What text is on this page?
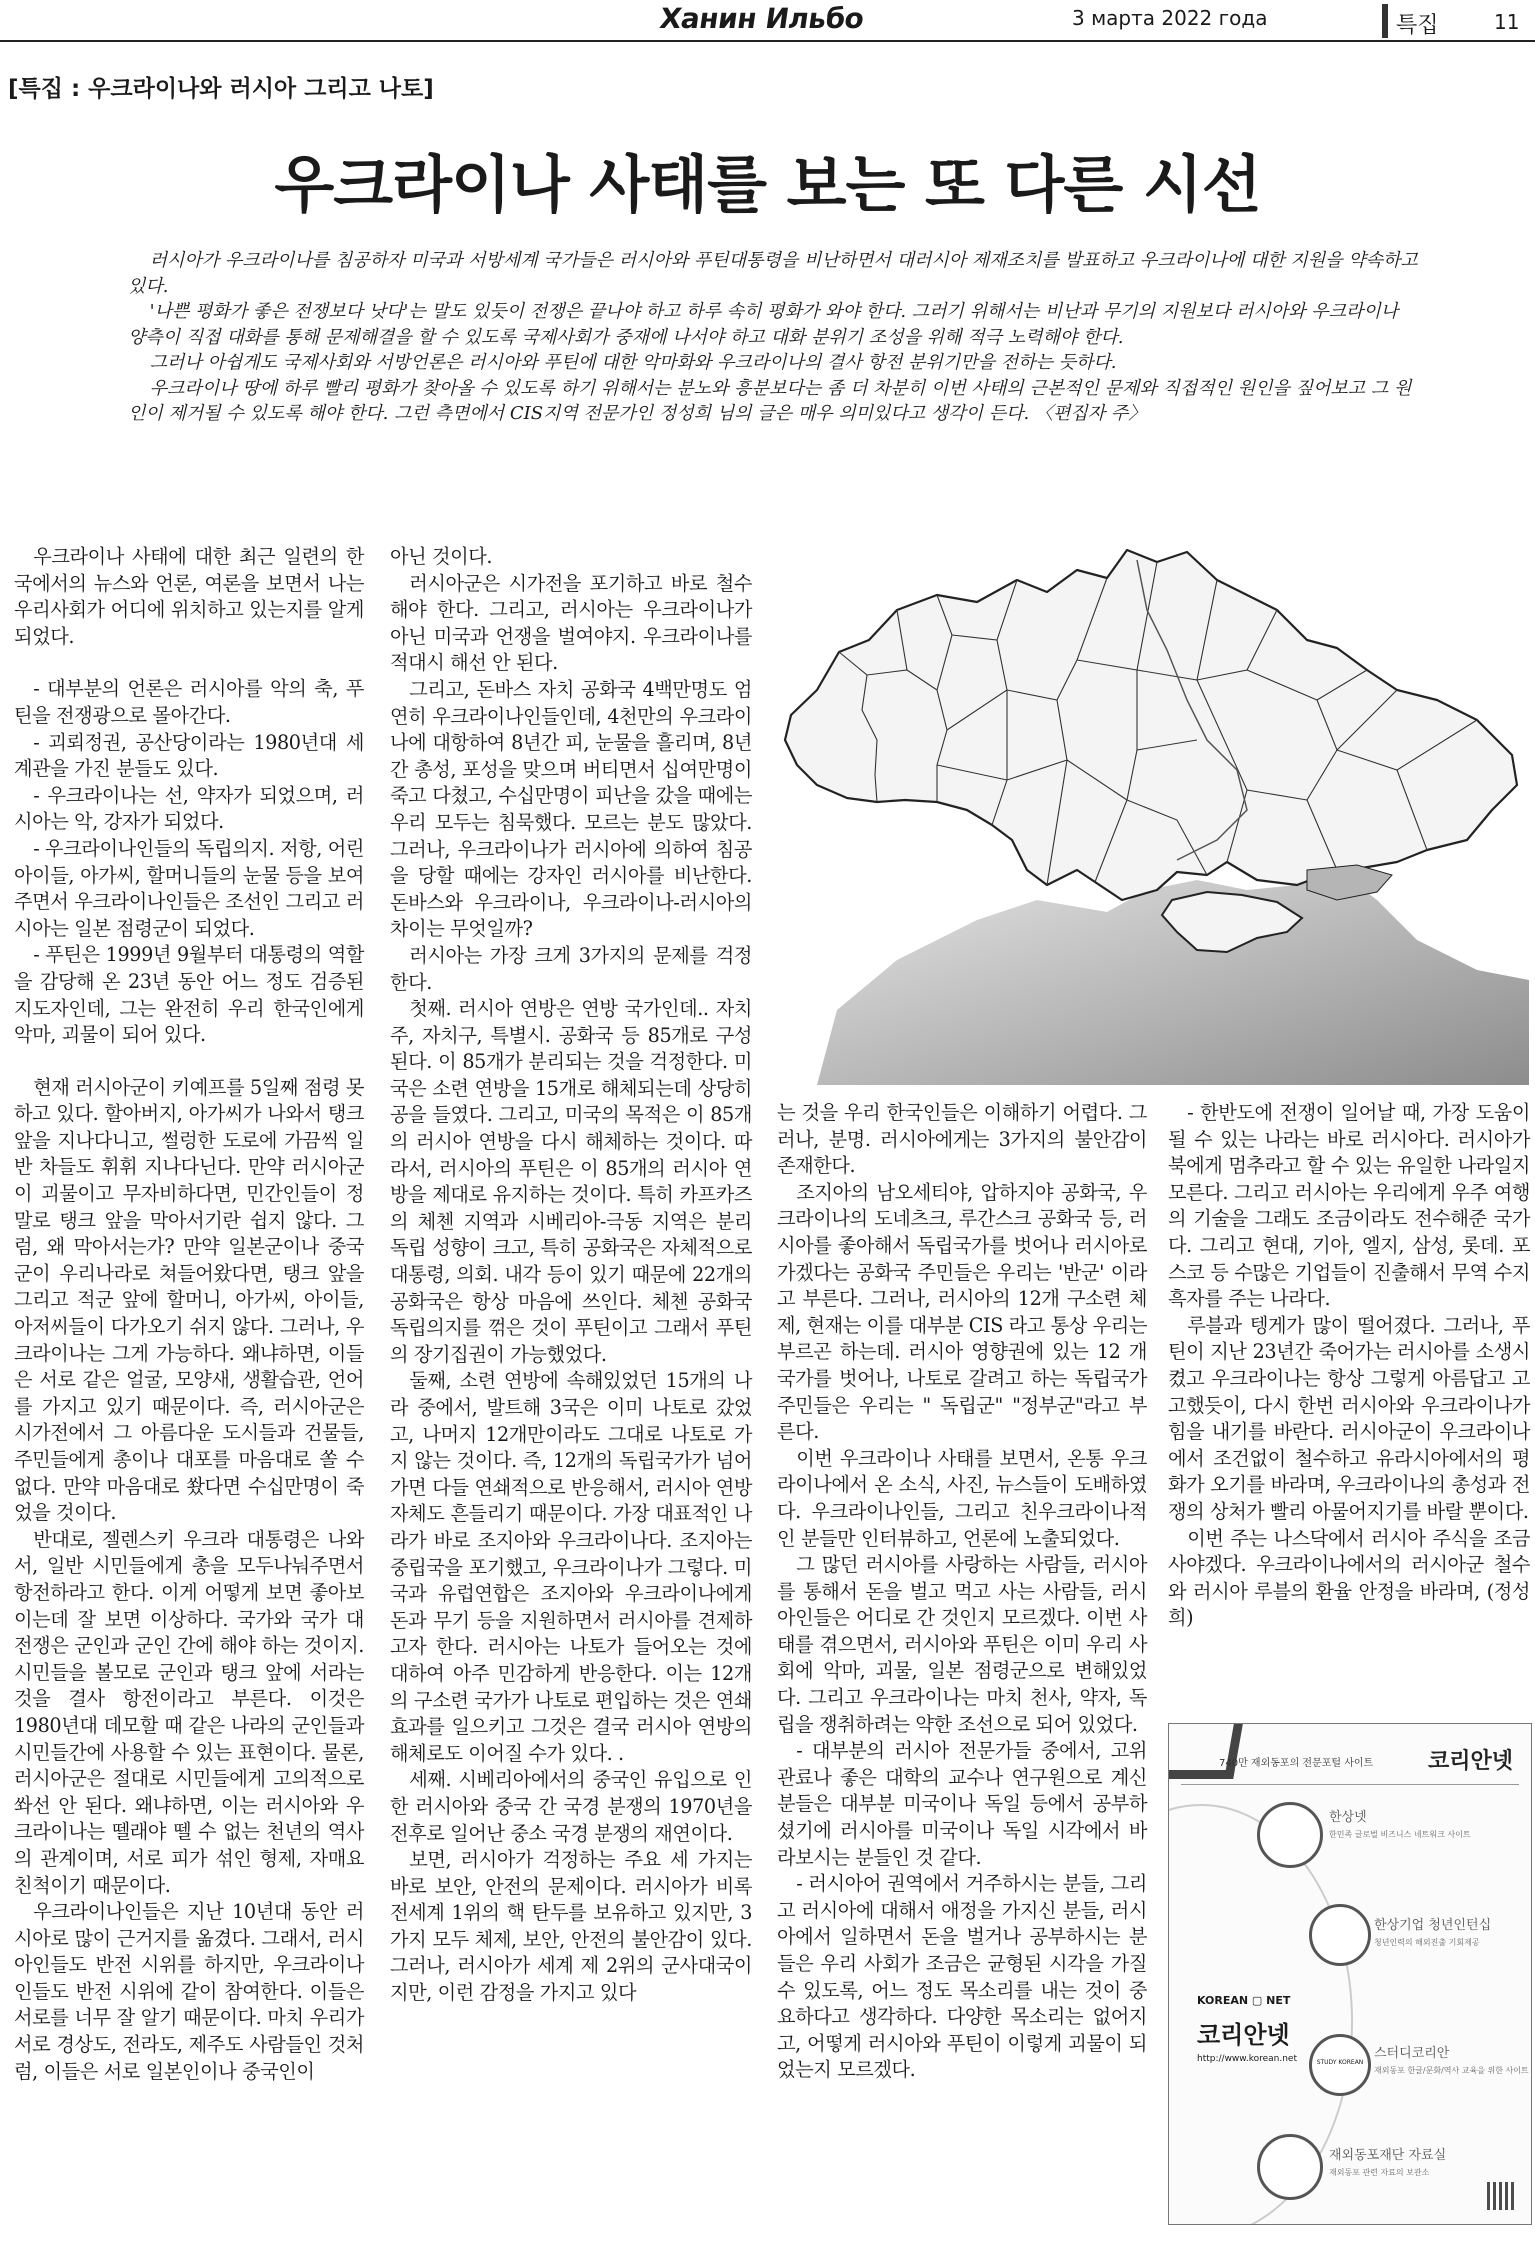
Ханин Ильбо	3 марта 2022 года	특집	11
[특집 : 우크라이나와 러시아 그리고 나토]
우크라이나 사태를 보는 또 다른 시선

러시아가 우크라이나를 침공하자 미국과 서방세계 국가들은 러시아와 푸틴대통령을 비난하면서 대러시아 제재조치를 발표하고 우크라이나에 대한 지원을 약속하고 있다.

'나쁜 평화가 좋은 전쟁보다 낫다'는 말도 있듯이 전쟁은 끝나야 하고 하루 속히 평화가 와야 한다. 그러기 위해서는 비난과 무기의 지원보다 러시아와 우크라이나 양측이 직접 대화를 통해 문제해결을 할 수 있도록 국제사회가 중재에 나서야 하고 대화 분위기 조성을 위해 적극 노력해야 한다.

그러나 아쉽게도 국제사회와 서방언론은 러시아와 푸틴에 대한 악마화와 우크라이나의 결사 항전 분위기만을 전하는 듯하다.

우크라이나 땅에 하루 빨리 평화가 찾아올 수 있도록 하기 위해서는 분노와 흥분보다는 좀 더 차분히 이번 사태의 근본적인 문제와 직접적인 원인을 짚어보고 그 원인이 제거될 수 있도록 해야 한다. 그런 측면에서 CIS지역 전문가인 정성희 님의 글은 매우 의미있다고 생각이 든다. 〈편집자 주〉

우크라이나 사태에 대한 최근 일련의 한국에서의 뉴스와 언론, 여론을 보면서 나는 우리사회가 어디에 위치하고 있는지를 알게 되었다.

- 대부분의 언론은 러시아를 악의 축, 푸틴을 전쟁광으로 몰아간다.

- 괴뢰정권, 공산당이라는 1980년대 세계관을 가진 분들도 있다.

- 우크라이나는 선, 약자가 되었으며, 러시아는 악, 강자가 되었다.

- 우크라이나인들의 독립의지. 저항, 어린아이들, 아가씨, 할머니들의 눈물 등을 보여주면서 우크라이나인들은 조선인 그리고 러시아는 일본 점령군이 되었다.

- 푸틴은 1999년 9월부터 대통령의 역할을 감당해 온 23년 동안 어느 정도 검증된 지도자인데, 그는 완전히 우리 한국인에게 악마, 괴물이 되어 있다.

현재 러시아군이 키예프를 5일째 점령 못하고 있다. 할아버지, 아가씨가 나와서 탱크 앞을 지나다니고, 썰렁한 도로에 가끔씩 일반 차들도 휘휘 지나다닌다. 만약 러시아군이 괴물이고 무자비하다면, 민간인들이 정말로 탱크 앞을 막아서기란 쉽지 않다. 그럼, 왜 막아서는가? 만약 일본군이나 중국군이 우리나라로 쳐들어왔다면, 탱크 앞을 그리고 적군 앞에 할머니, 아가씨, 아이들, 아저씨들이 다가오기 쉬지 않다. 그러나, 우크라이나는 그게 가능하다. 왜냐하면, 이들은 서로 같은 얼굴, 모양새, 생활습관, 언어를 가지고 있기 때문이다. 즉, 러시아군은 시가전에서 그 아름다운 도시들과 건물들, 주민들에게 총이나 대포를 마음대로 쏠 수 없다. 만약 마음대로 쐈다면 수십만명이 죽었을 것이다.

반대로, 젤렌스키 우크라 대통령은 나와서, 일반 시민들에게 총을 모두나눠주면서 항전하라고 한다. 이게 어떻게 보면 좋아보이는데 잘 보면 이상하다. 국가와 국가 대 전쟁은 군인과 군인 간에 해야 하는 것이지. 시민들을 볼모로 군인과 탱크 앞에 서라는 것을 결사 항전이라고 부른다. 이것은 1980년대 데모할 때 같은 나라의 군인들과 시민들간에 사용할 수 있는 표현이다. 물론, 러시아군은 절대로 시민들에게 고의적으로 쏴선 안 된다. 왜냐하면, 이는 러시아와 우크라이나는 뗄래야 뗄 수 없는 천년의 역사의 관계이며, 서로 피가 섞인 형제, 자매요 친척이기 때문이다.

우크라이나인들은 지난 10년대 동안 러시아로 많이 근거지를 옮겼다. 그래서, 러시아인들도 반전 시위를 하지만, 우크라이나인들도 반전 시위에 같이 참여한다. 이들은 서로를 너무 잘 알기 때문이다. 마치 우리가 서로 경상도, 전라도, 제주도 사람들인 것처럼, 이들은 서로 일본인이나 중국인이

아닌 것이다.

러시아군은 시가전을 포기하고 바로 철수해야 한다. 그리고, 러시아는 우크라이나가 아닌 미국과 언쟁을 벌여야지. 우크라이나를 적대시 해선 안 된다.

그리고, 돈바스 자치 공화국 4백만명도 엄연히 우크라이나인들인데, 4천만의 우크라이나에 대항하여 8년간 피, 눈물을 흘리며, 8년간 총성, 포성을 맞으며 버티면서 십여만명이 죽고 다쳤고, 수십만명이 피난을 갔을 때에는 우리 모두는 침묵했다. 모르는 분도 많았다. 그러나, 우크라이나가 러시아에 의하여 침공을 당할 때에는 강자인 러시아를 비난한다. 돈바스와 우크라이나, 우크라이나-러시아의 차이는 무엇일까?

러시아는 가장 크게 3가지의 문제를 걱정한다.

첫째. 러시아 연방은 연방 국가인데.. 자치주, 자치구, 특별시. 공화국 등 85개로 구성된다. 이 85개가 분리되는 것을 걱정한다. 미국은 소련 연방을 15개로 해체되는데 상당히 공을 들였다. 그리고, 미국의 목적은 이 85개의 러시아 연방을 다시 해체하는 것이다. 따라서, 러시아의 푸틴은 이 85개의 러시아 연방을 제대로 유지하는 것이다. 특히 카프카즈의 체첸 지역과 시베리아-극동 지역은 분리 독립 성향이 크고, 특히 공화국은 자체적으로 대통령, 의회. 내각 등이 있기 때문에 22개의 공화국은 항상 마음에 쓰인다. 체첸 공화국 독립의지를 꺾은 것이 푸틴이고 그래서 푸틴의 장기집권이 가능했었다.

둘째, 소련 연방에 속해있었던 15개의 나라 중에서, 발트해 3국은 이미 나토로 갔었고, 나머지 12개만이라도 그대로 나토로 가지 않는 것이다. 즉, 12개의 독립국가가 넘어가면 다들 연쇄적으로 반응해서, 러시아 연방 자체도 흔들리기 때문이다. 가장 대표적인 나라가 바로 조지아와 우크라이나다. 조지아는 중립국을 포기했고, 우크라이나가 그렇다. 미국과 유럽연합은 조지아와 우크라이나에게 돈과 무기 등을 지원하면서 러시아를 견제하고자 한다. 러시아는 나토가 들어오는 것에 대하여 아주 민감하게 반응한다. 이는 12개의 구소련 국가가 나토로 편입하는 것은 연쇄 효과를 일으키고 그것은 결국 러시아 연방의 해체로도 이어질 수가 있다. .

세째. 시베리아에서의 중국인 유입으로 인한 러시아와 중국 간 국경 분쟁의 1970년을 전후로 일어난 중소 국경 분쟁의 재연이다.

보면, 러시아가 걱정하는 주요 세 가지는 바로 보안, 안전의 문제이다. 러시아가 비록 전세계 1위의 핵 탄두를 보유하고 있지만, 3가지 모두 체제, 보안, 안전의 불안감이 있다. 그러나, 러시아가 세계 제 2위의 군사대국이지만, 이런 감정을 가지고 있다

는 것을 우리 한국인들은 이해하기 어렵다. 그러나, 분명. 러시아에게는 3가지의 불안감이 존재한다.

조지아의 남오세티야, 압하지야 공화국, 우크라이나의 도네츠크, 루간스크 공화국 등, 러시아를 좋아해서 독립국가를 벗어나 러시아로 가겠다는 공화국 주민들은 우리는 '반군' 이라고 부른다. 그러나, 러시아의 12개 구소련 체제, 현재는 이를 대부분 CIS 라고 통상 우리는 부르곤 하는데. 러시아 영향권에 있는 12 개 국가를 벗어나, 나토로 갈려고 하는 독립국가 주민들은 우리는 " 독립군" "정부군"라고 부른다.

이번 우크라이나 사태를 보면서, 온통 우크라이나에서 온 소식, 사진, 뉴스들이 도배하였다. 우크라이나인들, 그리고 친우크라이나적인 분들만 인터뷰하고, 언론에 노출되었다.

그 많던 러시아를 사랑하는 사람들, 러시아를 통해서 돈을 벌고 먹고 사는 사람들, 러시아인들은 어디로 간 것인지 모르겠다. 이번 사태를 겪으면서, 러시아와 푸틴은 이미 우리 사회에 악마, 괴물, 일본 점령군으로 변해있었다. 그리고 우크라이나는 마치 천사, 약자, 독립을 쟁취하려는 약한 조선으로 되어 있었다.

- 대부분의 러시아 전문가들 중에서, 고위 관료나 좋은 대학의 교수나 연구원으로 계신 분들은 대부분 미국이나 독일 등에서 공부하셨기에 러시아를 미국이나 독일 시각에서 바라보시는 분들인 것 같다.

- 러시아어 권역에서 거주하시는 분들, 그리고 러시아에 대해서 애정을 가지신 분들, 러시아에서 일하면서 돈을 벌거나 공부하시는 분들은 우리 사회가 조금은 균형된 시각을 가질 수 있도록, 어느 정도 목소리를 내는 것이 중요하다고 생각하다. 다양한 목소리는 없어지고, 어떻게 러시아와 푸틴이 이렇게 괴물이 되었는지 모르겠다.

- 한반도에 전쟁이 일어날 때, 가장 도움이 될 수 있는 나라는 바로 러시아다. 러시아가 북에게 멈추라고 할 수 있는 유일한 나라일지 모른다. 그리고 러시아는 우리에게 우주 여행의 기술을 그래도 조금이라도 전수해준 국가다. 그리고 현대, 기아, 엘지, 삼성, 롯데. 포스코 등 수많은 기업들이 진출해서 무역 수지 흑자를 주는 나라다.

루블과 텡게가 많이 떨어졌다. 그러나, 푸틴이 지난 23년간 죽어가는 러시아를 소생시켰고 우크라이나는 항상 그렇게 아름답고 고고했듯이, 다시 한번 러시아와 우크라이나가 힘을 내기를 바란다. 러시아군이 우크라이나에서 조건없이 철수하고 유라시아에서의 평화가 오기를 바라며, 우크라이나의 총성과 전쟁의 상처가 빨리 아물어지기를 바랄 뿐이다.

이번 주는 나스닥에서 러시아 주식을 조금 사야겠다. 우크라이나에서의 러시아군 철수와 러시아 루블의 환율 안정을 바라며, (정성희)

740만 재외동포의 전문포털 사이트 코리안넷
한상넷
한민족 글로벌 비즈니스 네트워크 사이트
한상기업 청년인턴십
청년인력의 해외진출 기회제공
KOREAN ▢ NET
코리안넷
http://www.korean.net	STUDY KOREAN
스터디코리안
재외동포 한글/문화/역사 교육을 위한 사이트
재외동포재단 자료실
재외동포 관련 자료의 보관소
